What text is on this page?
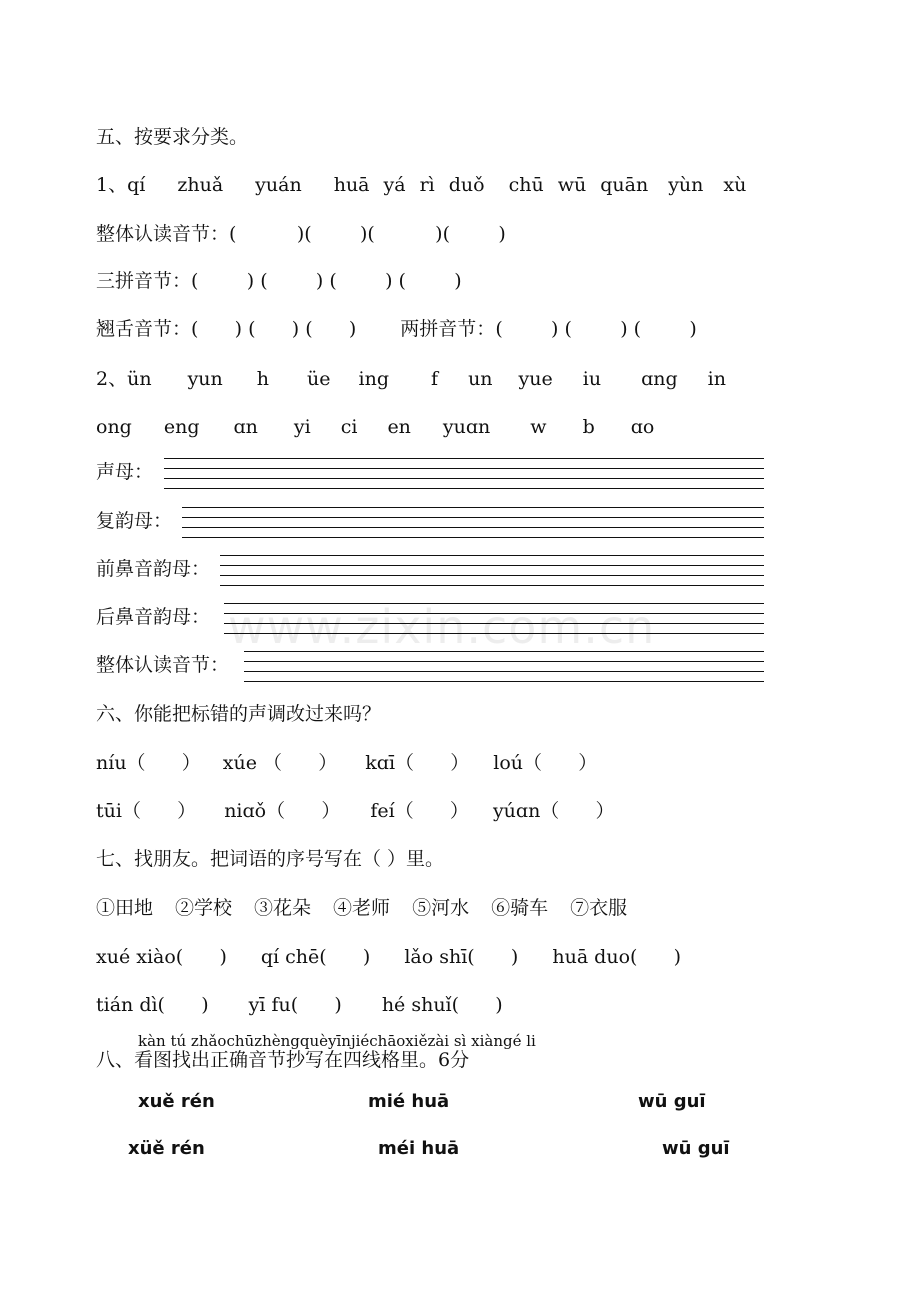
五、按要求分类。
1、qí zhuǎ yuán huā yá rì duǒ chū wū quān yùn xù
整体认读音节：(          )(        )(          )(        )
三拼音节：(        ) (        ) (        ) (        )
翘舌音节：(      ) (      ) (      ) 两拼音节：(        ) (        ) (        )
2、ün yun h üe ing f un yue iu ɑng in
ong eng ɑn yi ci en yuɑn w b ɑo
声母：
复韵母：
前鼻音韵母：
后鼻音韵母：
整体认读音节：
www.zixin.com.cn
六、你能把标错的声调改过来吗？
níu（      ） xúe （      ） kɑī（      ） loú（      ）
tūi（      ） niɑǒ（      ） feí（      ） yúɑn（      ）
七、找朋友。把词语的序号写在（ ）里。
①田地 ②学校 ③花朵 ④老师 ⑤河水 ⑥骑车 ⑦衣服
xué xiào(      ) qí chē(      ) lǎo shī(      ) huā duo(      )
tián dì(      ) yī fu(      ) hé shuǐ(      )
kàn tú zhǎochūzhèngquèyīnjiéchāoxiězài sì xiàngé li
八、看图找出正确音节抄写在四线格里。6分
xuě rén	mié huā	wū guī
xüě rén	méi huā	wū guī
